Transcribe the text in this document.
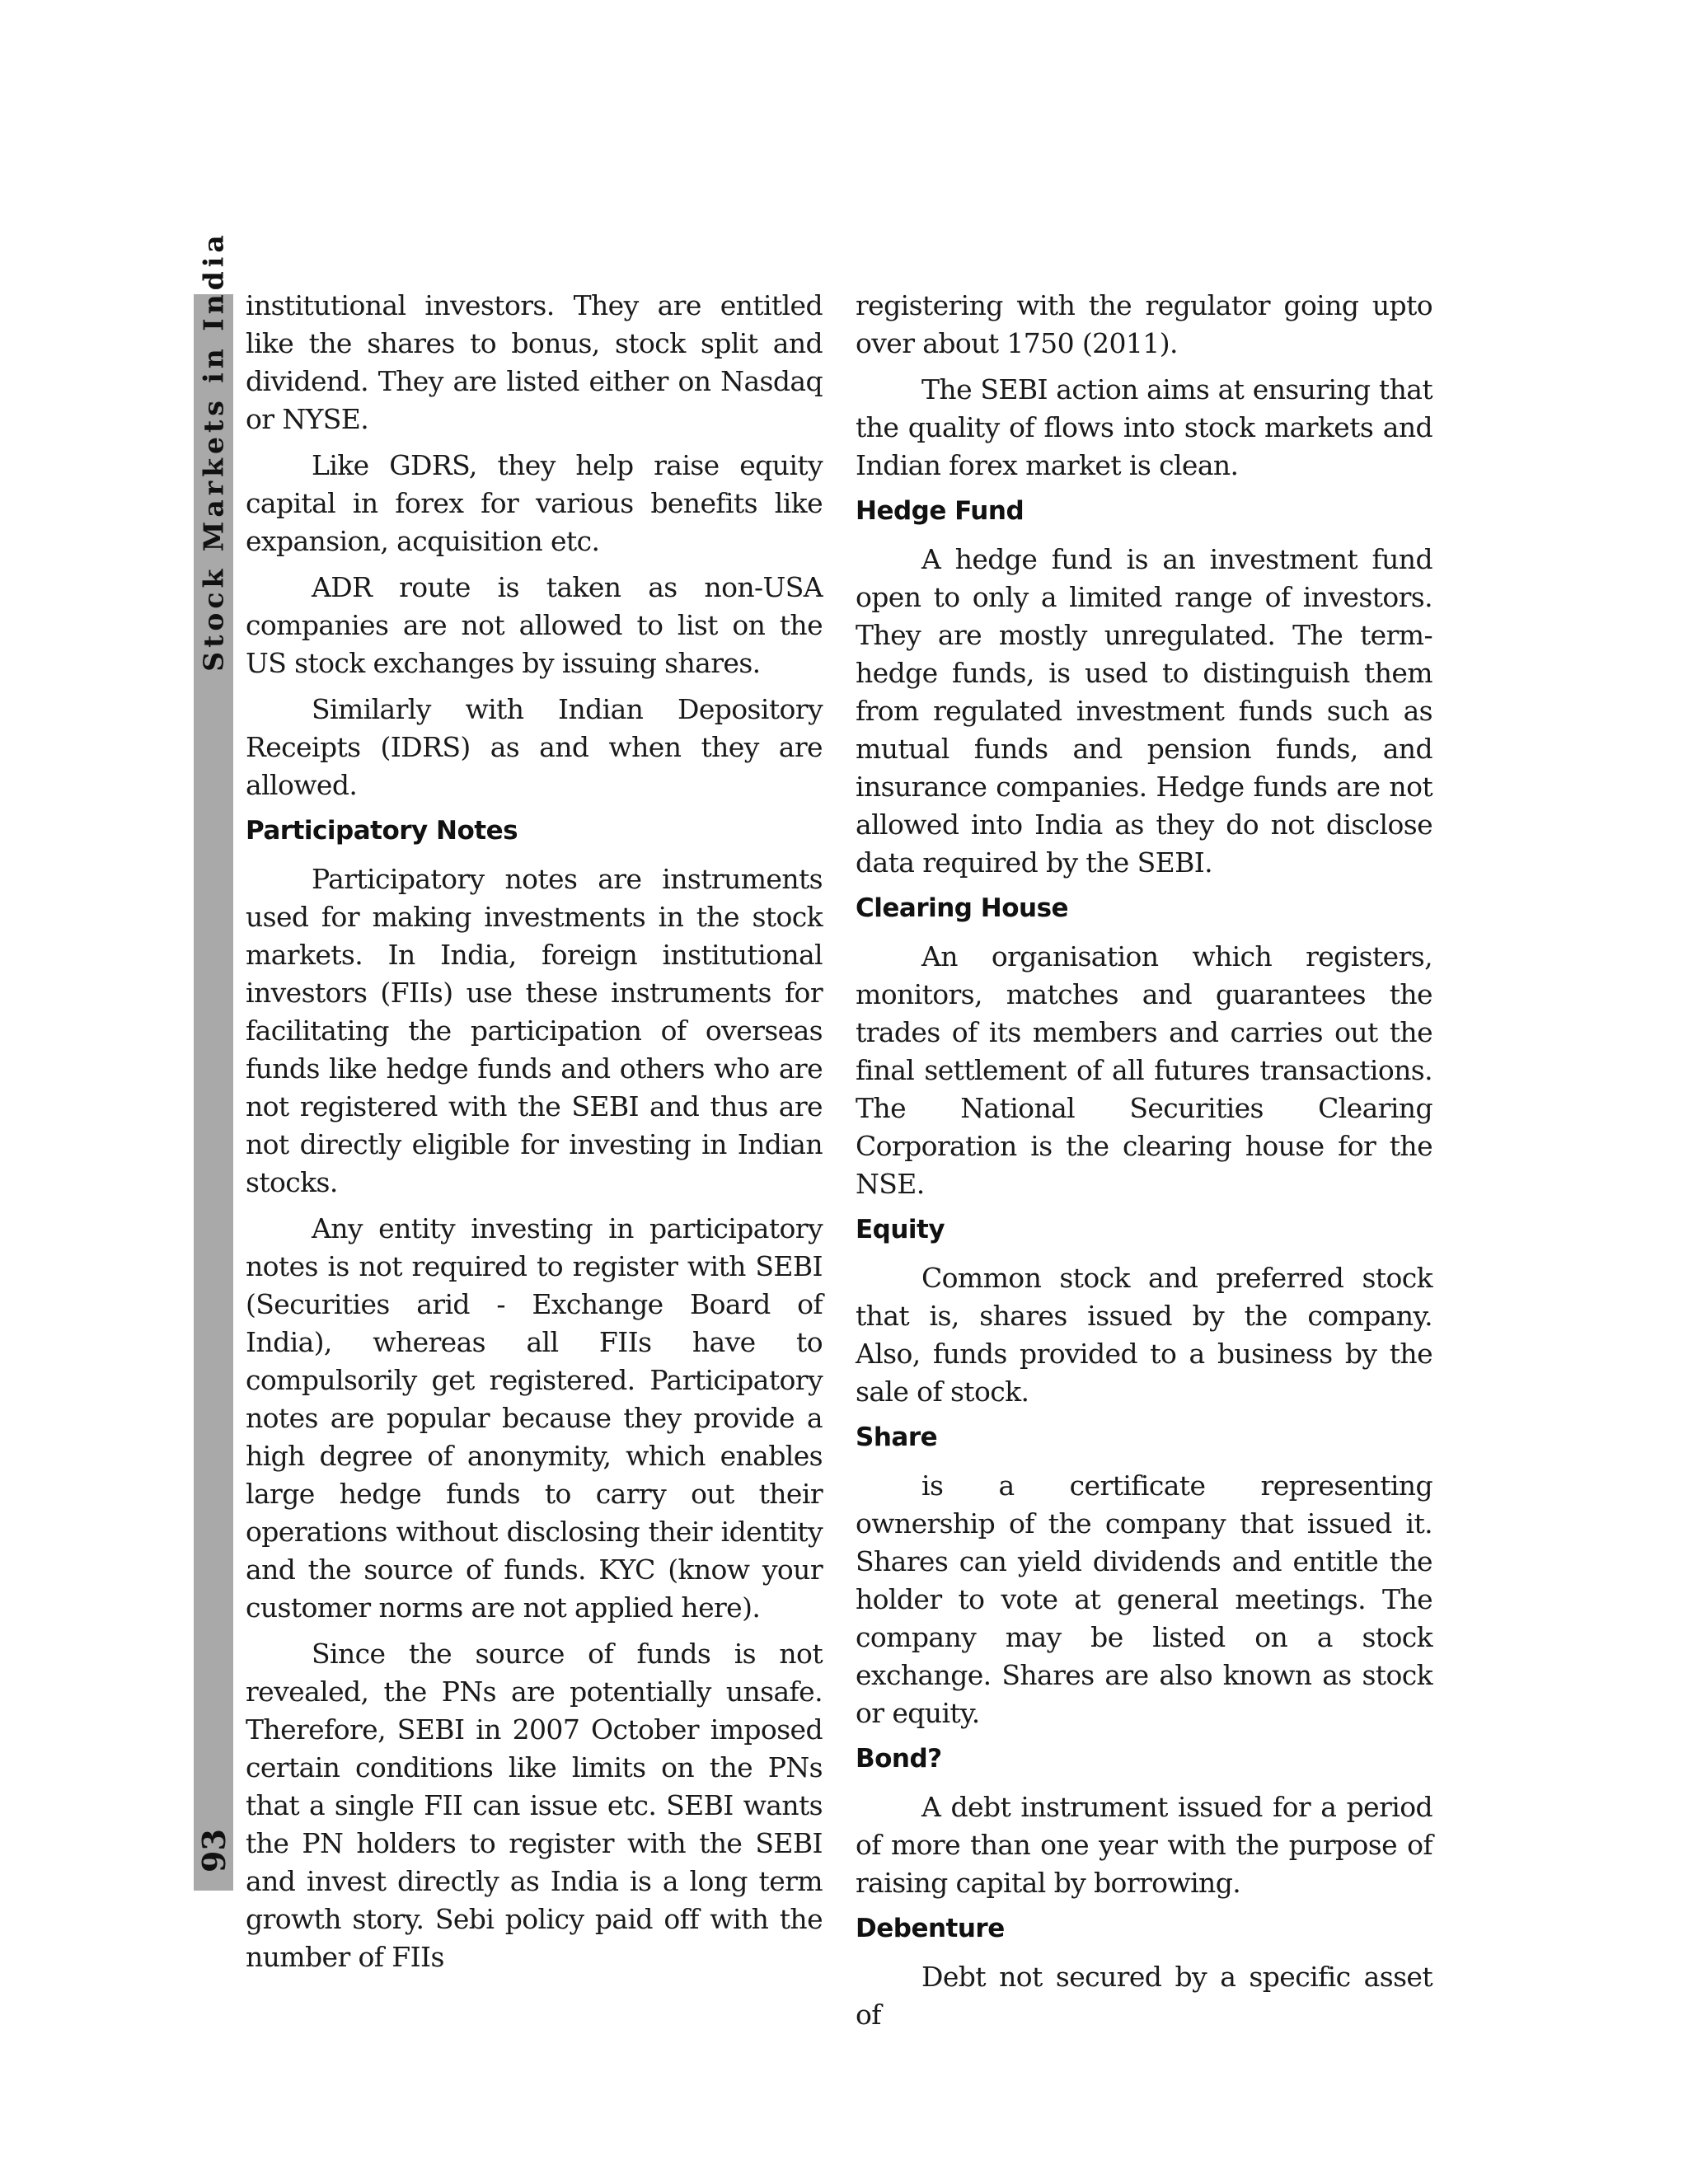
Stock Markets in India
93

institutional investors. They are entitled like the shares to bonus, stock split and dividend. They are listed either on Nasdaq or NYSE.

Like GDRS, they help raise equity capital in forex for various benefits like expansion, acquisition etc.

ADR route is taken as non-USA companies are not allowed to list on the US stock exchanges by issuing shares.

Similarly with Indian Depository Receipts (IDRS) as and when they are allowed.

Participatory Notes

Participatory notes are instruments used for making investments in the stock markets. In India, foreign institutional investors (FIIs) use these instruments for facilitating the participation of overseas funds like hedge funds and others who are not registered with the SEBI and thus are not directly eligible for investing in Indian stocks.

Any entity investing in participatory notes is not required to register with SEBI (Securities arid - Exchange Board of India), whereas all FIIs have to compulsorily get registered. Participatory notes are popular because they provide a high degree of anonymity, which enables large hedge funds to carry out their operations without disclosing their identity and the source of funds. KYC (know your customer norms are not applied here).

Since the source of funds is not revealed, the PNs are potentially unsafe. Therefore, SEBI in 2007 October imposed certain conditions like limits on the PNs that a single FII can issue etc. SEBI wants the PN holders to register with the SEBI and invest directly as India is a long term growth story. Sebi policy paid off with the number of FIIs

registering with the regulator going upto over about 1750 (2011).

The SEBI action aims at ensuring that the quality of flows into stock markets and Indian forex market is clean.

Hedge Fund

A hedge fund is an investment fund open to only a limited range of investors. They are mostly unregulated. The term-hedge funds, is used to distinguish them from regulated investment funds such as mutual funds and pension funds, and insurance companies. Hedge funds are not allowed into India as they do not disclose data required by the SEBI.

Clearing House

An organisation which registers, monitors, matches and guarantees the trades of its members and carries out the final settlement of all futures transactions. The National Securities Clearing Corporation is the clearing house for the NSE.

Equity

Common stock and preferred stock that is, shares issued by the company. Also, funds provided to a business by the sale of stock.

Share

is a certificate representing ownership of the company that issued it. Shares can yield dividends and entitle the holder to vote at general meetings. The company may be listed on a stock exchange. Shares are also known as stock or equity.

Bond?

A debt instrument issued for a period of more than one year with the purpose of raising capital by borrowing.

Debenture

Debt not secured by a specific asset of
